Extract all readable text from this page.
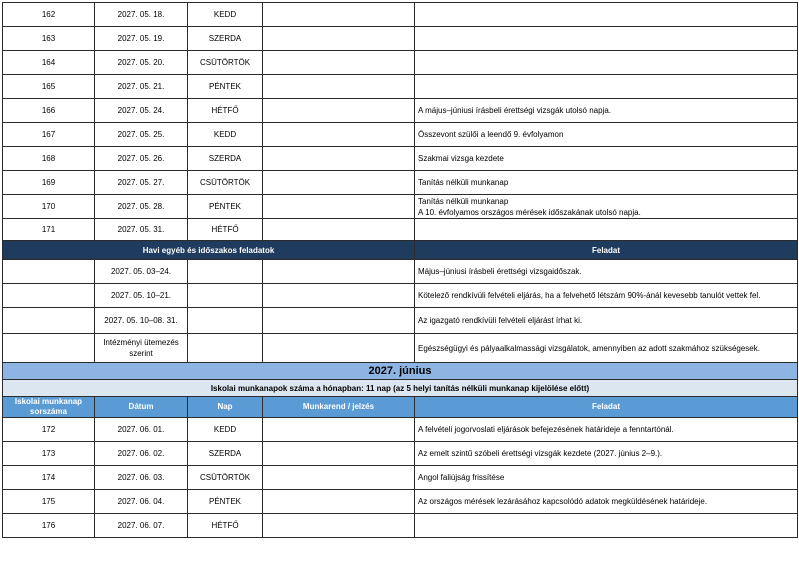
162	2027. 05. 18.	KEDD		
163	2027. 05. 19.	SZERDA		
164	2027. 05. 20.	CSÜTÖRTÖK		
165	2027. 05. 21.	PÉNTEK		
166	2027. 05. 24.	HÉTFŐ		A május–júniusi írásbeli érettségi vizsgák utolsó napja.
167	2027. 05. 25.	KEDD		Összevont szülői a leendő 9. évfolyamon
168	2027. 05. 26.	SZERDA		Szakmai vizsga kezdete
169	2027. 05. 27.	CSÜTÖRTÖK		Tanítás nélküli munkanap
170	2027. 05. 28.	PÉNTEK		Tanítás nélküli munkanap
A 10. évfolyamos országos mérések időszakának utolsó napja.

171	2027. 05. 31.	HÉTFŐ		
Havi egyéb és időszakos feladatok				Feladat
	2027. 05. 03–24.			Május–júniusi írásbeli érettségi vizsgaidőszak.
	2027. 05. 10–21.			Kötelező rendkívüli felvételi eljárás, ha a felvehető létszám 90%-ánál kevesebb tanulót vettek fel.
	2027. 05. 10–08. 31.			Az igazgató rendkívüli felvételi eljárást írhat ki.

	Intézményi ütemezés
szerint			Egészségügyi és pályaalkalmassági vizsgálatok, amennyiben az adott szakmához szükségesek.
2027. június				
Iskolai munkanapok száma a hónapban: 11 nap (az 5 helyi tanítás nélküli munkanap kijelölése előtt)				

Iskolai munkanap
sorszáma	Dátum	Nap	Munkarend / jelzés	Feladat
172	2027. 06. 01.	KEDD		A felvételi jogorvoslati eljárások befejezésének határideje a fenntartónál.
173	2027. 06. 02.	SZERDA		Az emelt szintű szóbeli érettségi vizsgák kezdete (2027. június 2–9.).
174	2027. 06. 03.	CSÜTÖRTÖK		Angol faliújság frissítése
175	2027. 06. 04.	PÉNTEK		Az országos mérések lezárásához kapcsolódó adatok megküldésének határideje.
176	2027. 06. 07.	HÉTFŐ		
